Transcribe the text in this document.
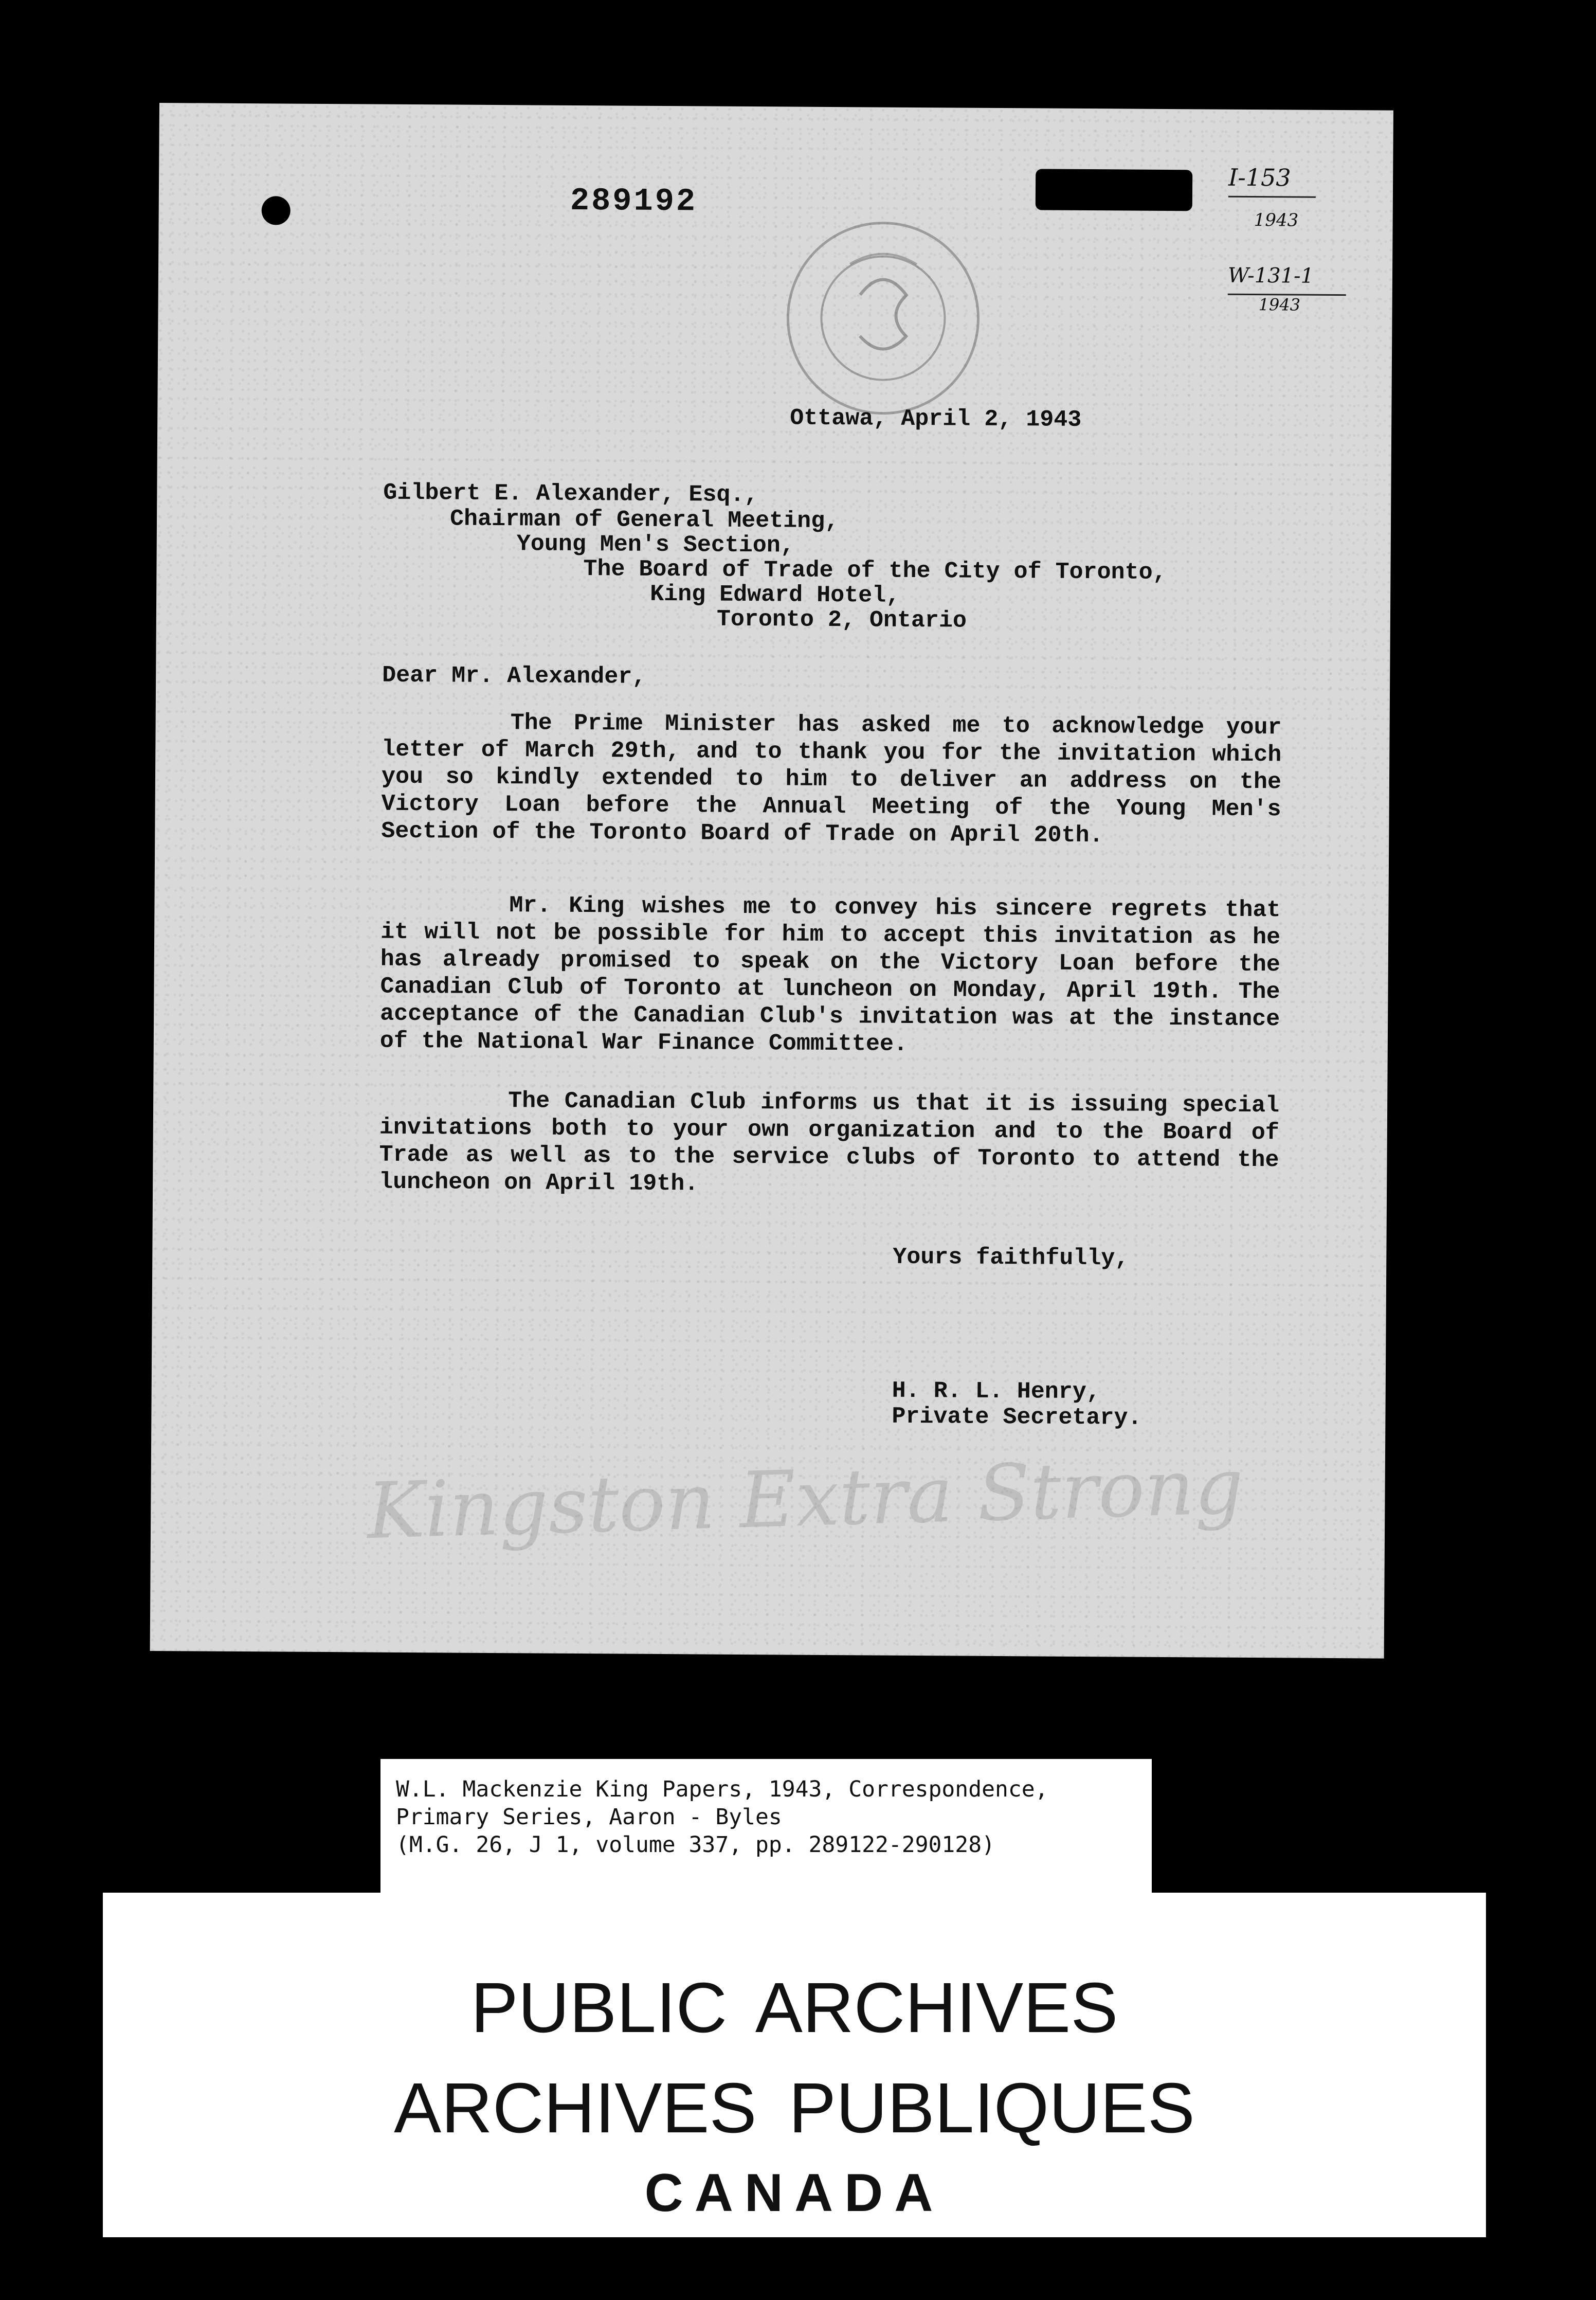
289192
I-153
1943
W-131-1
1943
Ottawa, April 2, 1943
Gilbert E. Alexander, Esq.,
Chairman of General Meeting,
Young Men's Section,
The Board of Trade of the City of Toronto,
King Edward Hotel,
Toronto 2, Ontario
Dear Mr. Alexander,
The Prime Minister has asked me to acknowledge your letter of March 29th, and to thank you for the invitation which you so kindly extended to him to deliver an address on the Victory Loan before the Annual Meeting of the Young Men's Section of the Toronto Board of Trade on April 20th.
Mr. King wishes me to convey his sincere regrets that it will not be possible for him to accept this invitation as he has already promised to speak on the Victory Loan before the Canadian Club of Toronto at luncheon on Monday, April 19th. The acceptance of the Canadian Club's invitation was at the instance of the National War Finance Committee.
The Canadian Club informs us that it is issuing special invitations both to your own organization and to the Board of Trade as well as to the service clubs of Toronto to attend the luncheon on April 19th.
Yours faithfully,
H. R. L. Henry,
Private Secretary.
Kingston Extra Strong
W.L. Mackenzie King Papers, 1943, Correspondence,
Primary Series, Aaron - Byles
(M.G. 26, J 1, volume 337, pp. 289122-290128)
PUBLIC ARCHIVES
ARCHIVES PUBLIQUES
CANADA
